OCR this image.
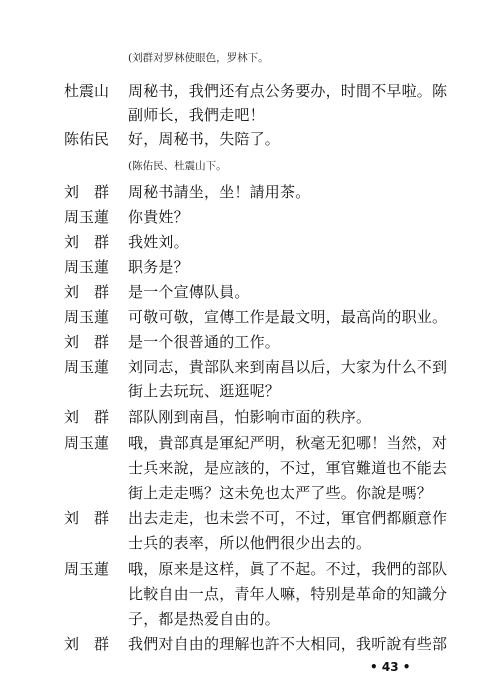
(刘群对罗林使眼色，罗林下。
杜震山	周秘书，我們还有点公务要办，时間不早啦。陈
副师长，我們走吧！
陈佑民	好，周秘书，失陪了。
(陈佑民、杜震山下。
刘　群	周秘书請坐，坐！請用茶。
周玉蓮	你貴姓？
刘　群	我姓刘。
周玉蓮	职务是？
刘　群	是一个宣傳队員。
周玉蓮	可敬可敬，宣傳工作是最文明，最高尚的职业。
刘　群	是一个很普通的工作。
周玉蓮	刘同志，貴部队来到南昌以后，大家为什么不到
街上去玩玩、逛逛呢？
刘　群	部队刚到南昌，怕影响市面的秩序。
周玉蓮	哦，貴部真是軍紀严明，秋毫无犯哪！当然，对
士兵来說，是应該的，不过，軍官難道也不能去
街上走走嗎？这未免也太严了些。你說是嗎？
刘　群	出去走走，也未尝不可，不过，軍官們都願意作
士兵的表率，所以他們很少出去的。
周玉蓮	哦，原来是这样，眞了不起。不过，我們的部队
比較自由一点，青年人嘛，特别是革命的知識分
子，都是热爱自由的。
刘　群	我們对自由的理解也許不大相同，我听說有些部
• 43 •
